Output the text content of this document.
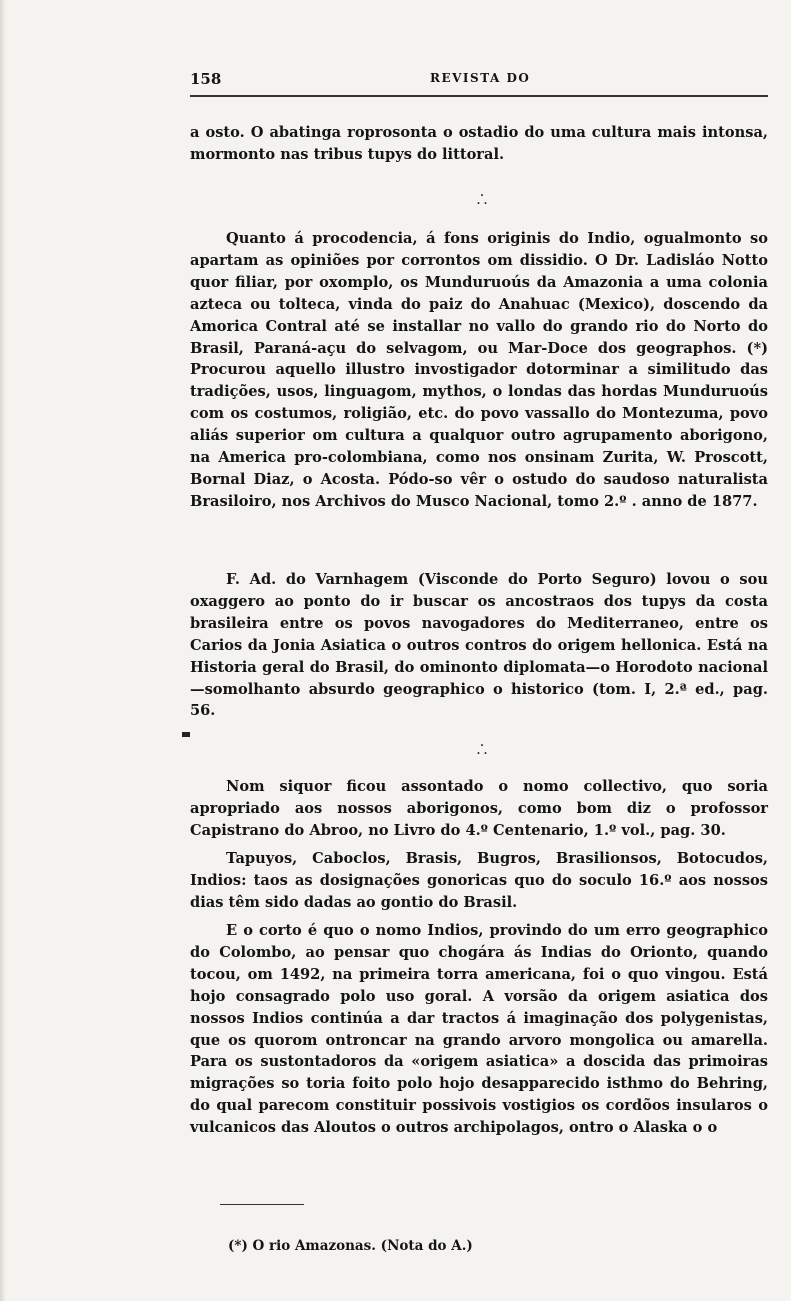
158	REVISTA DO

a osto. O abatinga roprosonta o ostadio do uma cultura mais intonsa, mormonto nas tribus tupys do littoral.

.
. .

Quanto á procodencia, á fons originis do Indio, ogualmonto so apartam as opiniões por corrontos om dissidio. O Dr. Ladisláo Notto quor filiar, por oxomplo, os Munduruoús da Amazonia a uma colonia azteca ou tolteca, vinda do paiz do Anahuac (Mexico), doscendo da Amorica Contral até se installar no vallo do grando rio do Norto do Brasil, Paraná-açu do selvagom, ou Mar-Doce dos geographos. (*) Procurou aquello illustro invostigador dotorminar a similitudo das tradições, usos, linguagom, mythos, o londas das hordas Munduruoús com os costumos, roligião, etc. do povo vassallo do Montezuma, povo aliás superior om cultura a qualquor outro agrupamento aborigono, na America pro-colombiana, como nos onsinam Zurita, W. Proscott, Bornal Diaz, o Acosta. Pódo-so vêr o ostudo do saudoso naturalista Brasiloiro, nos Archivos do Musco Nacional, tomo 2.º . anno de 1877.

F. Ad. do Varnhagem (Visconde do Porto Seguro) lovou o sou oxaggero ao ponto do ir buscar os ancostraos dos tupys da costa brasileira entre os povos navogadores do Mediterraneo, entre os Carios da Jonia Asiatica o outros contros do origem hellonica. Está na Historia geral do Brasil, do ominonto diplomata—o Horodoto nacional—somolhanto absurdo geographico o historico (tom. I, 2.ª ed., pag. 56.

.
. .

Nom siquor ficou assontado o nomo collectivo, quo soria apropriado aos nossos aborigonos, como bom diz o profossor Capistrano do Abroo, no Livro do 4.º Centenario, 1.º vol., pag. 30.

Tapuyos, Caboclos, Brasis, Bugros, Brasilionsos, Botocudos, Indios: taos as dosignações gonoricas quo do soculo 16.º aos nossos dias têm sido dadas ao gontio do Brasil.

E o corto é quo o nomo Indios, provindo do um erro geographico do Colombo, ao pensar quo chogára ás Indias do Orionto, quando tocou, om 1492, na primeira torra americana, foi o quo vingou. Está hojo consagrado polo uso goral. A vorsão da origem asiatica dos nossos Indios continúa a dar tractos á imaginação dos polygenistas, que os quorom ontroncar na grando arvoro mongolica ou amarella. Para os sustontadoros da «origem asiatica» a doscida das primoiras migrações so toria foito polo hojo desapparecido isthmo do Behring, do qual parecom constituir possivois vostigios os cordõos insularos o vulcanicos das Aloutos o outros archipolagos, ontro o Alaska o o

(*) O rio Amazonas. (Nota do A.)
